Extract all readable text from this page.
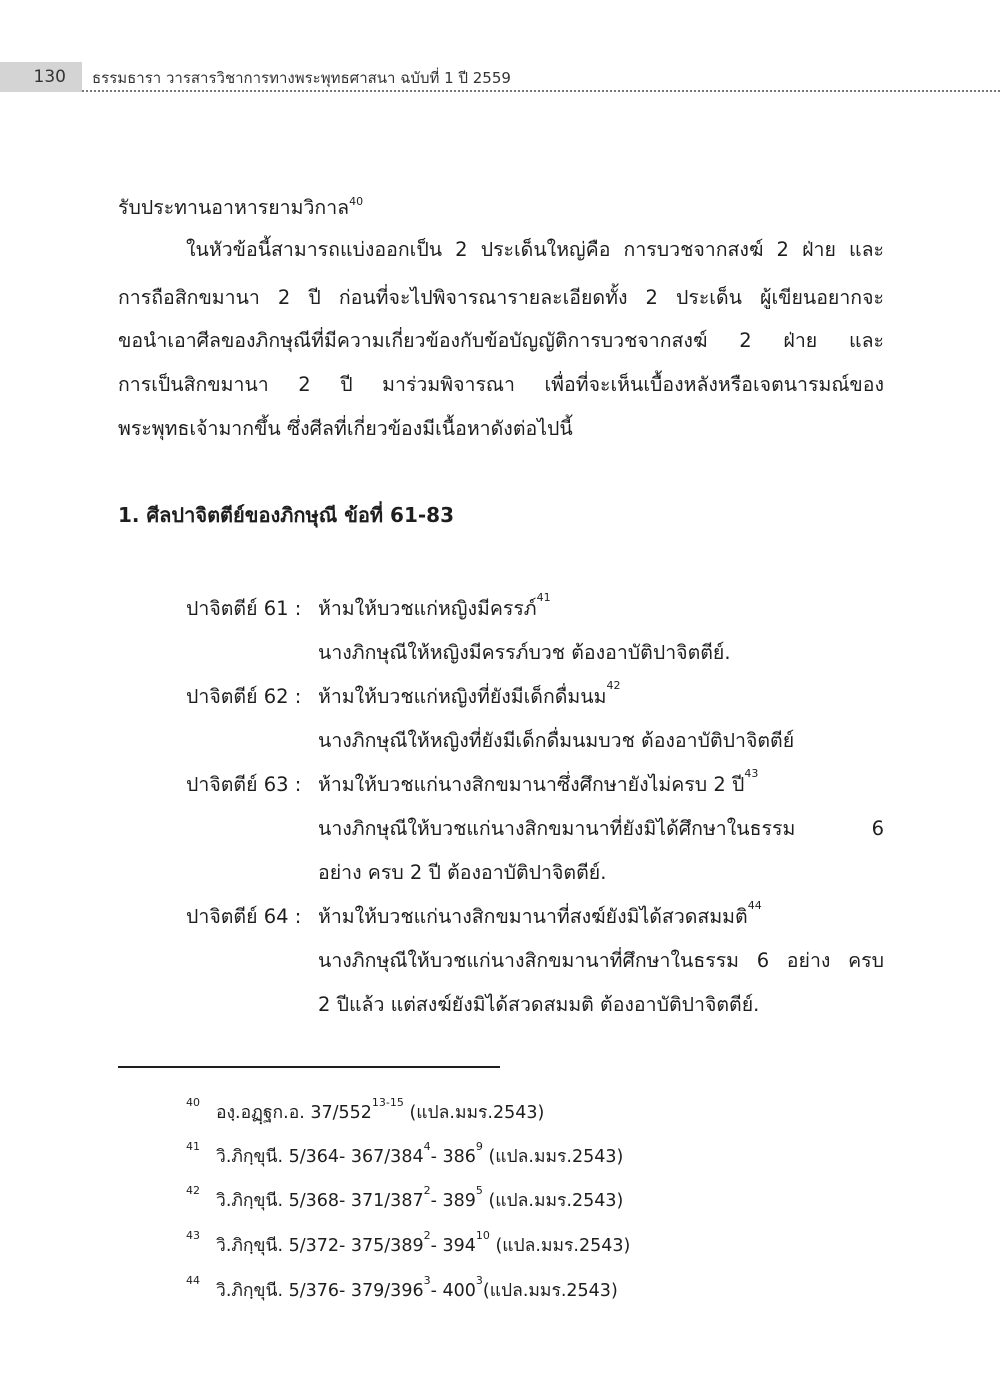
130	ธรรมธารา วารสารวิชาการทางพระพุทธศาสนา ฉบับที่ 1 ปี 2559
รับประทานอาหารยามวิกาล$^{40}$
ในหัวข้อนี้สามารถแบ่งออกเป็น 2 ประเด็นใหญ่คือ การบวชจากสงฆ์ 2 ฝ่าย และ
การถือสิกขมานา 2 ปี ก่อนที่จะไปพิจารณารายละเอียดทั้ง 2 ประเด็น ผู้เขียนอยากจะ
ขอนำเอาศีลของภิกษุณีที่มีความเกี่ยวข้องกับข้อบัญญัติการบวชจากสงฆ์ 2 ฝ่าย และ
การเป็นสิกขมานา 2 ปี มาร่วมพิจารณา เพื่อที่จะเห็นเบื้องหลังหรือเจตนารมณ์ของ
พระพุทธเจ้ามากขึ้น ซึ่งศีลที่เกี่ยวข้องมีเนื้อหาดังต่อไปนี้
1. ศีลปาจิตตีย์ของภิกษุณี ข้อที่ 61-83
ปาจิตตีย์ 61 : ห้ามให้บวชแก่หญิงมีครรภ์$^{41}$
นางภิกษุณีให้หญิงมีครรภ์บวช ต้องอาบัติปาจิตตีย์.
ปาจิตตีย์ 62 : ห้ามให้บวชแก่หญิงที่ยังมีเด็กดื่มนม$^{42}$
นางภิกษุณีให้หญิงที่ยังมีเด็กดื่มนมบวช ต้องอาบัติปาจิตตีย์
ปาจิตตีย์ 63 : ห้ามให้บวชแก่นางสิกขมานาซึ่งศึกษายังไม่ครบ 2 ปี$^{43}$
นางภิกษุณีให้บวชแก่นางสิกขมานาที่ยังมิได้ศึกษาในธรรม 6
อย่าง ครบ 2 ปี ต้องอาบัติปาจิตตีย์.
ปาจิตตีย์ 64 : ห้ามให้บวชแก่นางสิกขมานาที่สงฆ์ยังมิได้สวดสมมติ$^{44}$
นางภิกษุณีให้บวชแก่นางสิกขมานาที่ศึกษาในธรรม 6 อย่าง ครบ
2 ปีแล้ว แต่สงฆ์ยังมิได้สวดสมมติ ต้องอาบัติปาจิตตีย์.
$^{40}$องฺ.อฏฺฐก.อ. 37/552$^{13-15}$ (แปล.มมร.2543)
$^{41}$วิ.ภิกฺขุนี. 5/364- $367/384^4-$ $386^9$ (แปล.มมร.2543)
$^{42}$วิ.ภิกฺขุนี. 5/368- $371/387^2-$ $389^5$ (แปล.มมร.2543)
$^{43}$วิ.ภิกฺขุนี. 5/372- $375/389^2-$ $394^{10}$ (แปล.มมร.2543)
$^{44}$วิ.ภิกฺขุนี. 5/376- $379/396^3-$ $400^3$(แปล.มมร.2543)
